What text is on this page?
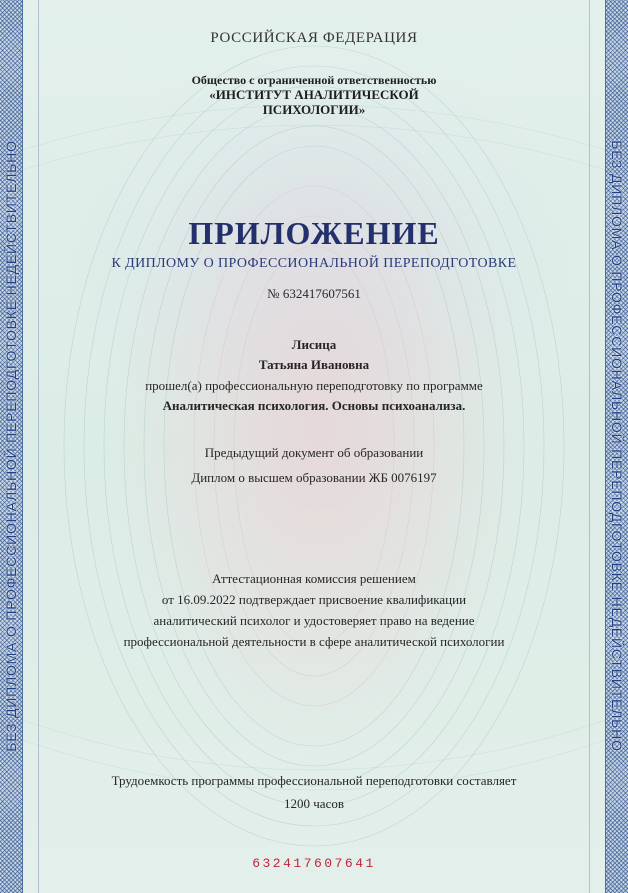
БЕЗ ДИПЛОМА О ПРОФЕССИОНАЛЬНОЙ ПЕРЕПОДГОТОВКЕ НЕДЕЙСТВИТЕЛЬНО	БЕЗ ДИПЛОМА О ПРОФЕССИОНАЛЬНОЙ ПЕРЕПОДГОТОВКЕ НЕДЕЙСТВИТЕЛЬНО
РОССИЙСКАЯ ФЕДЕРАЦИЯ
Общество с ограниченной ответственностью
«ИНСТИТУТ АНАЛИТИЧЕСКОЙ
ПСИХОЛОГИИ»
ПРИЛОЖЕНИЕ
К ДИПЛОМУ О ПРОФЕССИОНАЛЬНОЙ ПЕРЕПОДГОТОВКЕ
№ 632417607561
Лисица
Татьяна Ивановна
прошел(а) профессиональную переподготовку по программе
Аналитическая психология. Основы психоанализа.
Предыдущий документ об образовании
Диплом о высшем образовании ЖБ 0076197
Аттестационная комиссия решением
от 16.09.2022 подтверждает присвоение квалификации
аналитический психолог и удостоверяет право на ведение
профессиональной деятельности в сфере аналитической психологии
Трудоемкость программы профессиональной переподготовки составляет
1200 часов
632417607641
